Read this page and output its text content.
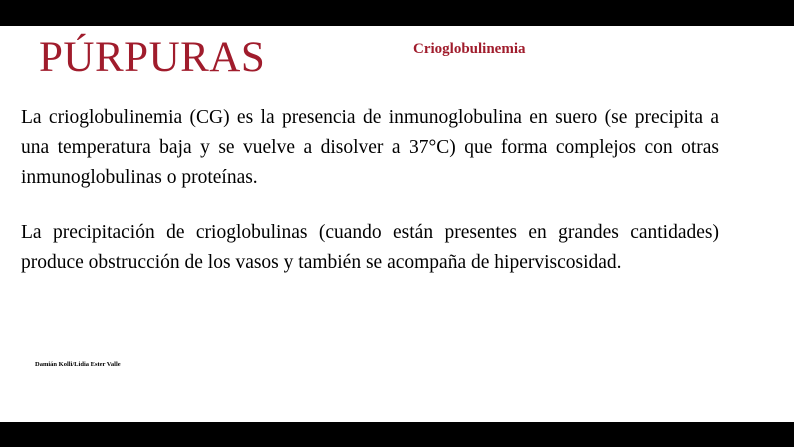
PÚRPURAS	Crioglobulinemia

La crioglobulinemia (CG) es la presencia de inmunoglobulina en suero (se precipita a una temperatura baja y se vuelve a disolver a 37°C) que forma complejos con otras inmunoglobulinas o proteínas.

La precipitación de crioglobulinas (cuando están presentes en grandes cantidades) produce obstrucción de los vasos y también se acompaña de hiperviscosidad.

Damián Kolli/Lidia Ester Valle
